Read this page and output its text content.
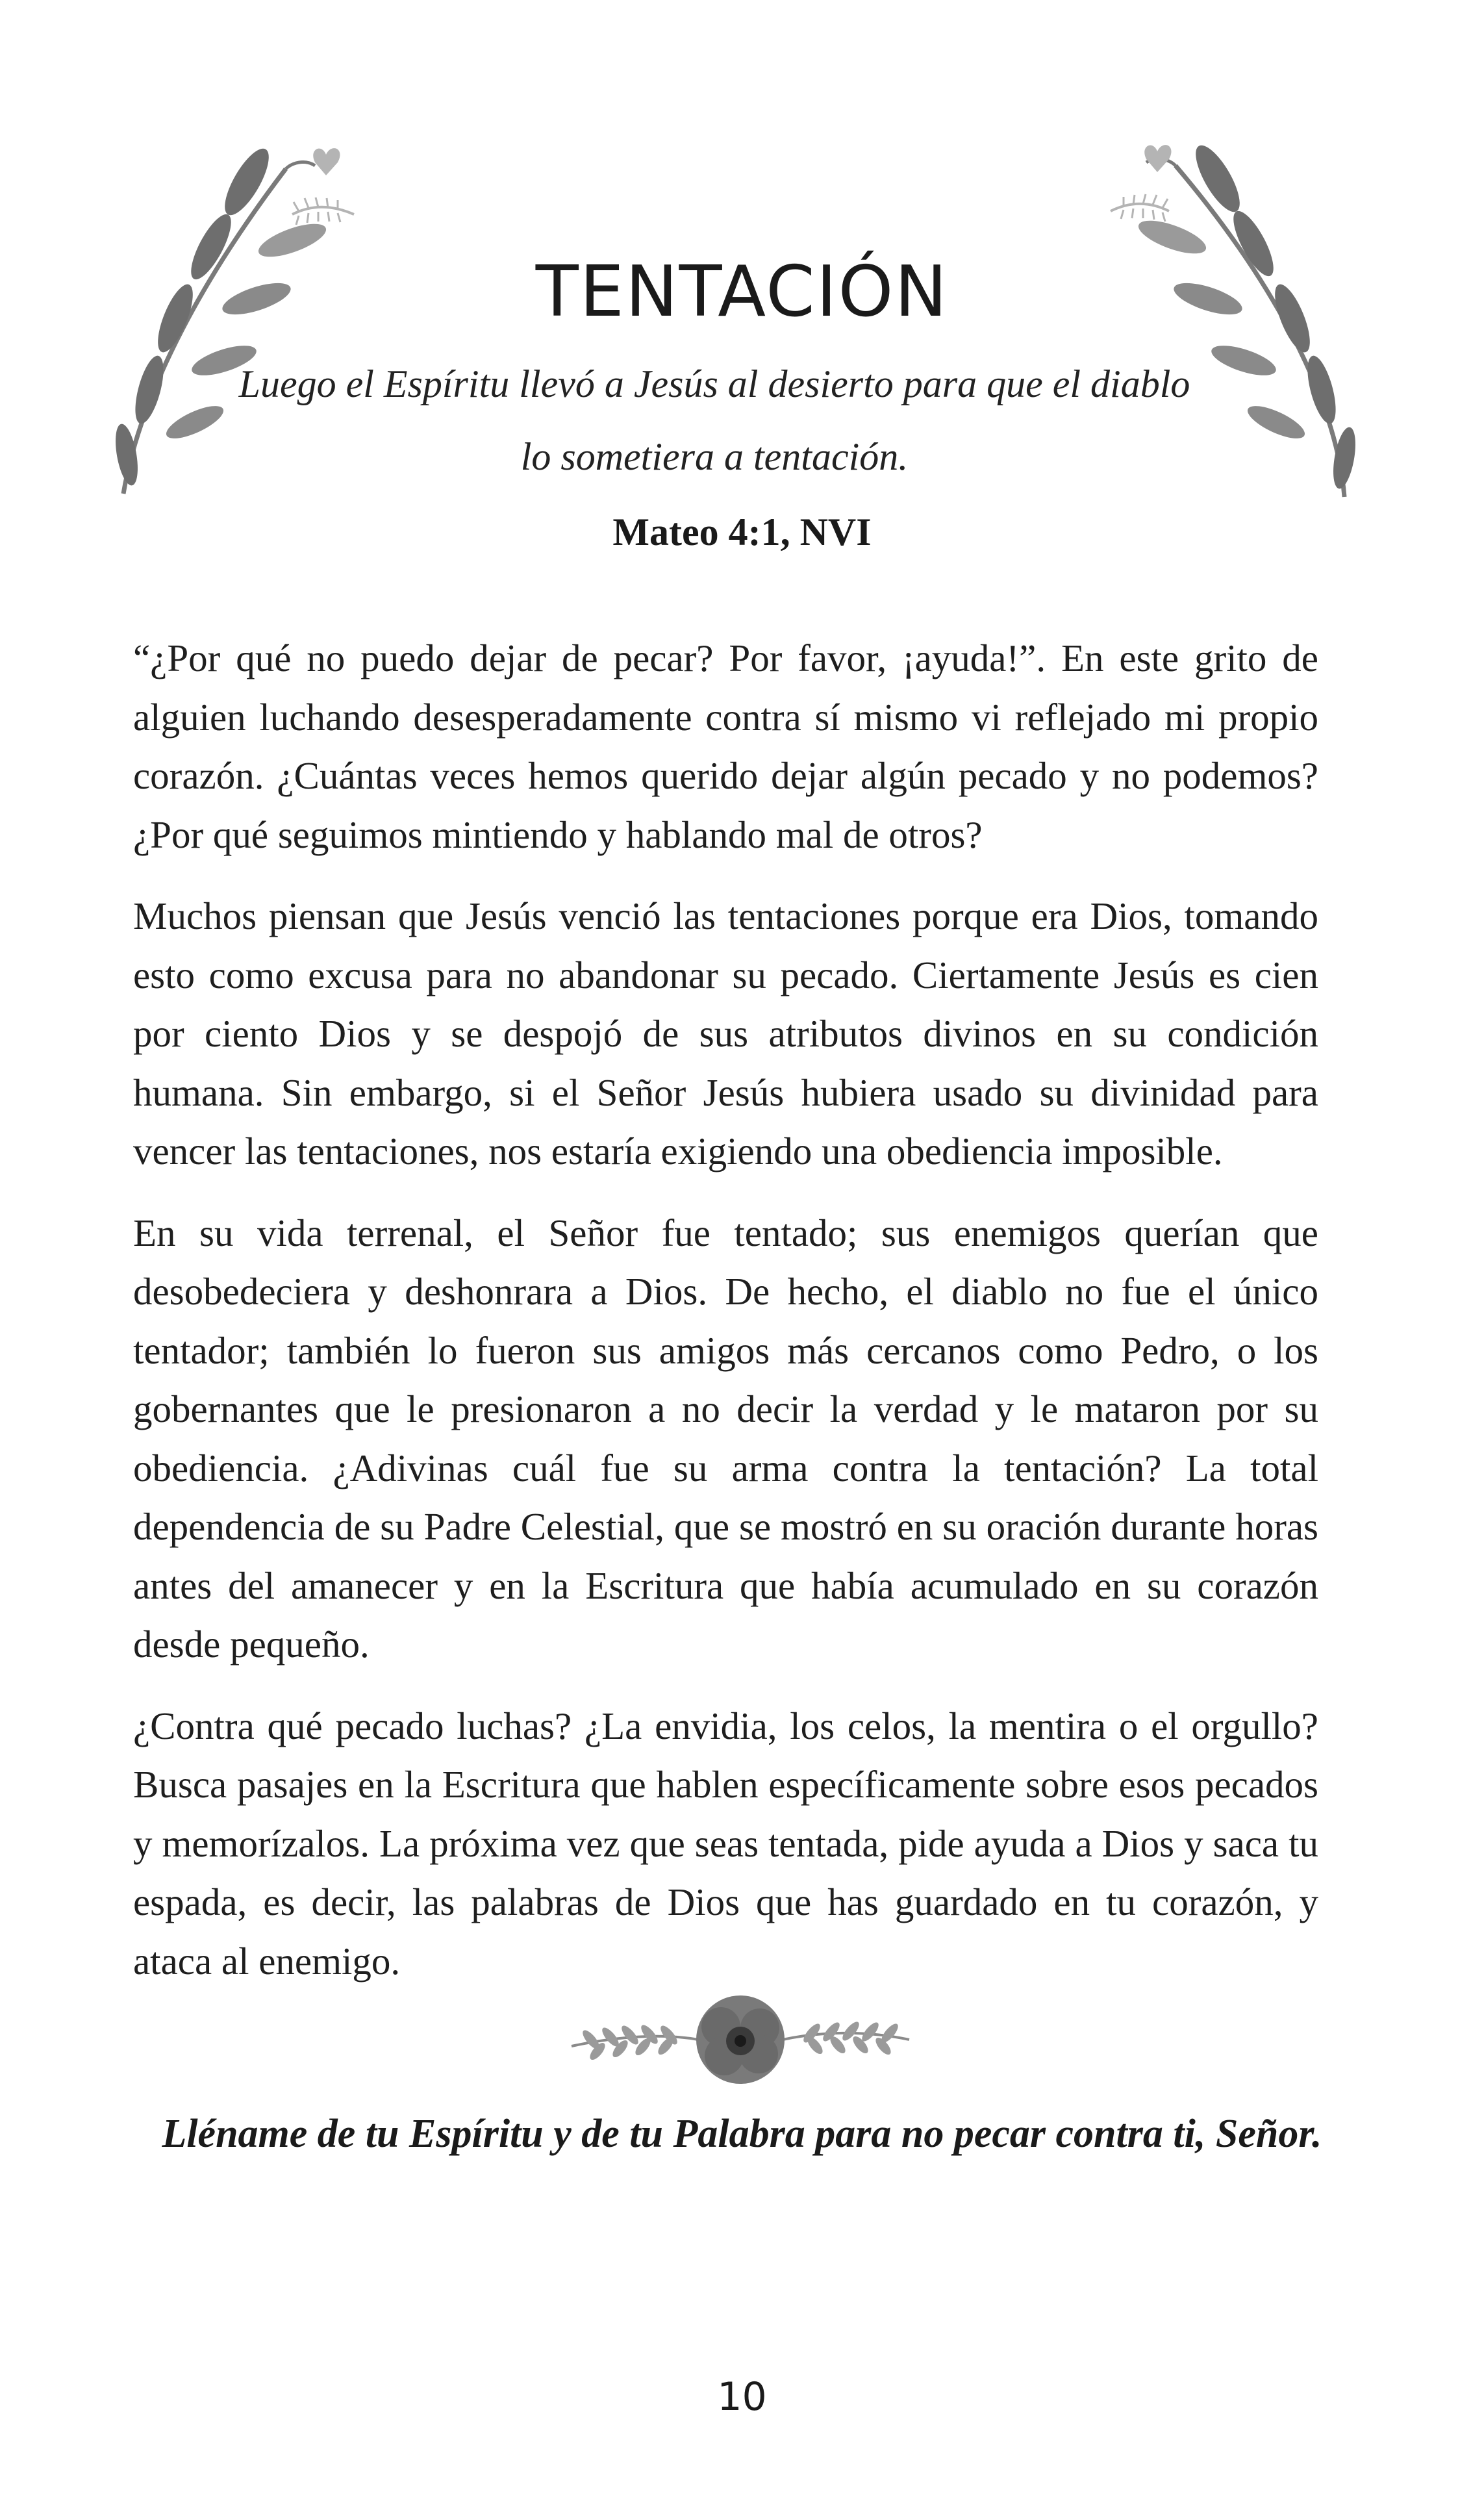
TENTACIÓN
Luego el Espíritu llevó a Jesús al desierto para que el diablo
lo sometiera a tentación.
Mateo 4:1, NVI

“¿Por qué no puedo dejar de pecar? Por favor, ¡ayuda!”. En este grito de alguien luchando desesperadamente contra sí mismo vi reflejado mi propio corazón. ¿Cuántas veces hemos querido dejar algún pecado y no podemos? ¿Por qué seguimos mintiendo y hablando mal de otros?

Muchos piensan que Jesús venció las tentaciones porque era Dios, tomando esto como excusa para no abandonar su pecado. Ciertamente Jesús es cien por ciento Dios y se despojó de sus atributos divinos en su condición humana. Sin embargo, si el Señor Jesús hubiera usado su divinidad para vencer las tentaciones, nos estaría exigiendo una obediencia imposible.

En su vida terrenal, el Señor fue tentado; sus enemigos querían que desobedeciera y deshonrara a Dios. De hecho, el diablo no fue el único tentador; también lo fueron sus amigos más cercanos como Pedro, o los gobernantes que le presionaron a no decir la verdad y le mataron por su obediencia. ¿Adivinas cuál fue su arma contra la tentación? La total dependencia de su Padre Celestial, que se mostró en su oración durante horas antes del amanecer y en la Escritura que había acumulado en su corazón desde pequeño.

¿Contra qué pecado luchas? ¿La envidia, los celos, la mentira o el orgullo? Busca pasajes en la Escritura que hablen específicamente sobre esos pecados y memorízalos. La próxima vez que seas tentada, pide ayuda a Dios y saca tu espada, es decir, las palabras de Dios que has guardado en tu corazón, y ataca al enemigo.

Lléname de tu Espíritu y de tu Palabra para no pecar contra ti, Señor.
10
